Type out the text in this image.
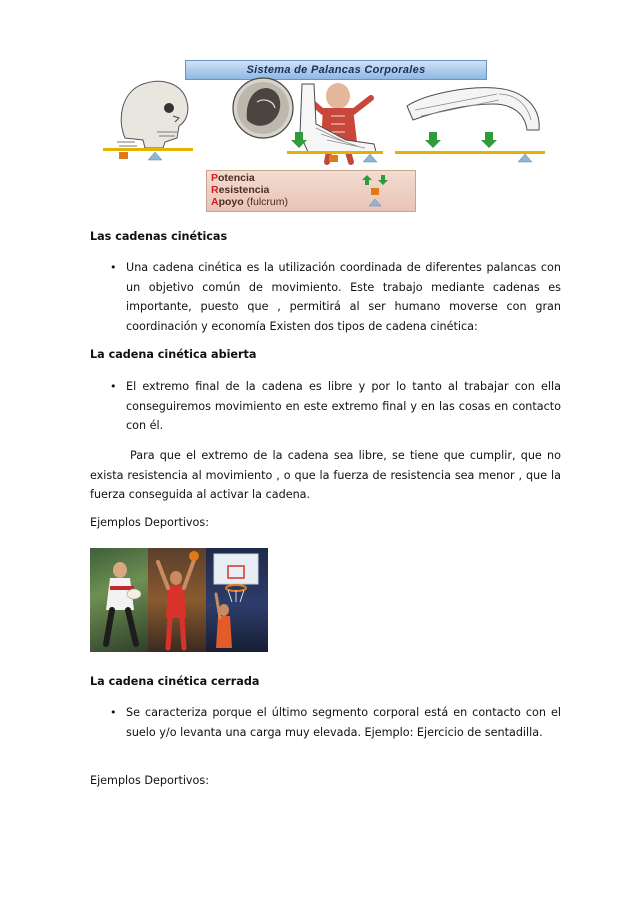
Sistema de Palancas Corporales
Potencia
Resistencia
Apoyo (fulcrum)
Las cadenas cinéticas
• Una cadena cinética es la utilización coordinada de diferentes palancas con un objetivo común de movimiento. Este trabajo mediante cadenas es importante, puesto que , permitirá al ser humano moverse con gran coordinación y economía Existen dos tipos de cadena cinética:
La cadena cinética abierta
• El extremo final de la cadena es libre y por lo tanto al trabajar con ella conseguiremos movimiento en este extremo final y en las cosas en contacto con él.
Para que el extremo de la cadena sea libre, se tiene que cumplir, que no exista resistencia al movimiento , o que la fuerza de resistencia sea menor , que la fuerza conseguida al activar la cadena.
Ejemplos Deportivos:
La cadena cinética cerrada
• Se caracteriza porque el último segmento corporal está en contacto con el suelo y/o levanta una carga muy elevada. Ejemplo: Ejercicio de sentadilla.
Ejemplos Deportivos:
